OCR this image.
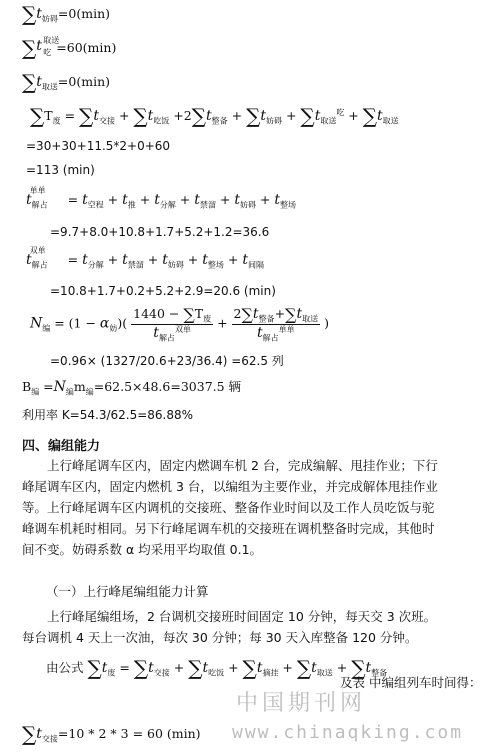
$\sum t_{妨碍}=0(\min)$
∑ t 取送
吃 =60(min)
$\sum t_{取送}=0(\min)$
$\sum T_废 = \sum t_{交接} + \sum t_{吃饭} +2\sum t_{整备} + \sum t_{妨碍} + \sum t_{取送}^吃 + \sum t_{取送}$
=30+30+11.5*2+0+60
=113 (min)
$t_{解占}^{单单} = t_{空程} + t_推 + t_{分解} + t_{禁溜} + t_{妨碍} + t_{整场}$
=9.7+8.0+10.8+1.7+5.2+1.2=36.6
$t_{解占}^{双单} = t_{分解} + t_{禁溜} + t_{妨碍} + t_{整场} + t_{间隔}$
=10.8+1.7+0.2+5.2+2.9=20.6 (min)
$N_编 = (1 - \alpha_妨)( \frac{1440 - \sum T_废}{t_{解占}^{双单}} + \frac{2\sum t_{整备}+\sum t_{取送}}{t_{解占}^{单单}}$ )
=0.96× (1327/20.6+23/36.4) =62.5 列
$B_编 =N_编m_编=62.5\times 48.6=3037.5$ 辆
利用率 K=54.3/62.5=86.88%
四、编组能力
上行峰尾调车区内，固定内燃调车机 2 台，完成编解、甩挂作业；下行峰尾调车区内，固定内燃机 3 台，以编组为主要作业，并完成解体甩挂作业等。上行峰尾调车区内调机的交接班、整备作业时间以及工作人员吃饭与驼峰调车机耗时相同。另下行峰尾调车机的交接班在调机整备时完成，其他时间不变。妨碍系数 α 均采用平均取值 0.1。
（一）上行峰尾编组能力计算
上行峰尾编组场，2 台调机交接班时间固定 10 分钟，每天交 3 次班。每台调机 4 天上一次油，每次 30 分钟；每 30 天入库整备 120 分钟。
由公式 $\sum t_废 = \sum t_{交接} + \sum t_{吃饭} + \sum t_{摘挂} + \sum t_{取送} + \sum t_{整备}$
及表 中编组列车时间得：
$\sum t_{交接}=10 * 2 * 3 = 60$ (min)
中国期刊网
www.chinaqking.com
